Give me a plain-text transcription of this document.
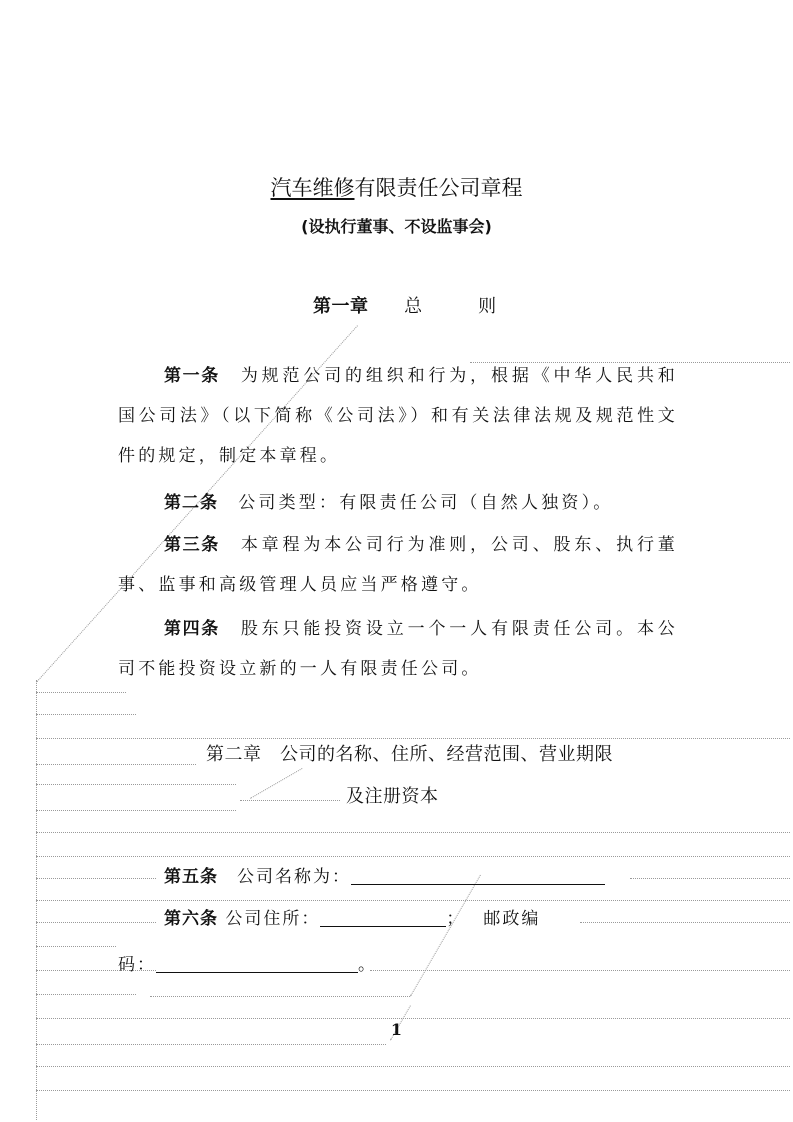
汽车维修有限责任公司章程
(设执行董事、不设监事会)
第一章 总	则
第一条　 为规范公司的组织和行为，根据《中华人民共和国公司法》（以下简称《公司法》）和有关法律法规及规范性文件的规定，制定本章程。
第二条　 公司类型：有限责任公司（自然人独资）。
第三条　 本章程为本公司行为准则，公司、股东、执行董事、监事和高级管理人员应当严格遵守。
第四条　 股东只能投资设立一个一人有限责任公司。本公司不能投资设立新的一人有限责任公司。
第二章　公司的名称、住所、经营范围、营业期限
及注册资本
第五条　 公司名称为：
第六条 公司住所：	； 邮政编
码：	。
1
